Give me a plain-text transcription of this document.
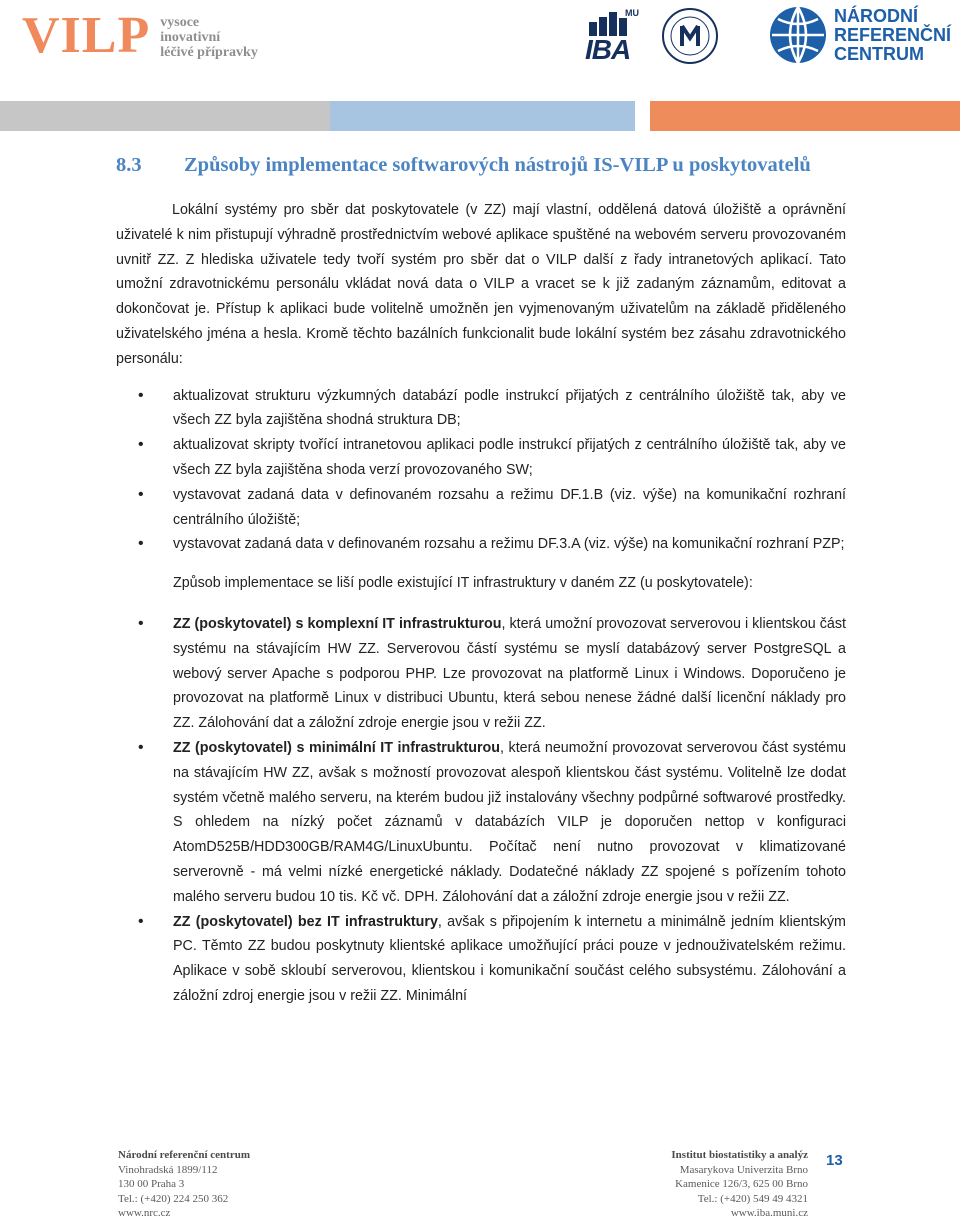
VILP vysoce
inovativní
léčivé přípravky
MU
IBA
NÁRODNÍ
REFERENČNÍ
CENTRUM
8.3 Způsoby implementace softwarových nástrojů IS-VILP u poskytovatelů

Lokální systémy pro sběr dat poskytovatele (v ZZ) mají vlastní, oddělená datová úložiště a oprávnění uživatelé k nim přistupují výhradně prostřednictvím webové aplikace spuštěné na webovém serveru provozovaném uvnitř ZZ. Z hlediska uživatele tedy tvoří systém pro sběr dat o VILP další z řady intranetových aplikací. Tato umožní zdravotnickému personálu vkládat nová data o VILP a vracet se k již zadaným záznamům, editovat a dokončovat je. Přístup k aplikaci bude volitelně umožněn jen vyjmenovaným uživatelům na základě přiděleného uživatelského jména a hesla. Kromě těchto bazálních funkcionalit bude lokální systém bez zásahu zdravotnického personálu:

• aktualizovat strukturu výzkumných databází podle instrukcí přijatých z centrálního úložiště tak, aby ve všech ZZ byla zajištěna shodná struktura DB;
• aktualizovat skripty tvořící intranetovou aplikaci podle instrukcí přijatých z centrálního úložiště tak, aby ve všech ZZ byla zajištěna shoda verzí provozovaného SW;
• vystavovat zadaná data v definovaném rozsahu a režimu DF.1.B (viz. výše) na komunikační rozhraní centrálního úložiště;
• vystavovat zadaná data v definovaném rozsahu a režimu DF.3.A (viz. výše) na komunikační rozhraní PZP;

Způsob implementace se liší podle existující IT infrastruktury v daném ZZ (u poskytovatele):

• ZZ (poskytovatel) s komplexní IT infrastrukturou, která umožní provozovat serverovou i klientskou část systému na stávajícím HW ZZ. Serverovou částí systému se myslí databázový server PostgreSQL a webový server Apache s podporou PHP. Lze provozovat na platformě Linux i Windows. Doporučeno je provozovat na platformě Linux v distribuci Ubuntu, která sebou nenese žádné další licenční náklady pro ZZ. Zálohování dat a záložní zdroje energie jsou v režii ZZ.
• ZZ (poskytovatel) s minimální IT infrastrukturou, která neumožní provozovat serverovou část systému na stávajícím HW ZZ, avšak s možností provozovat alespoň klientskou část systému. Volitelně lze dodat systém včetně malého serveru, na kterém budou již instalovány všechny podpůrné softwarové prostředky. S ohledem na nízký počet záznamů v databázích VILP je doporučen nettop v konfiguraci AtomD525B/HDD300GB/RAM4G/LinuxUbuntu. Počítač není nutno provozovat v klimatizované serverovně - má velmi nízké energetické náklady. Dodatečné náklady ZZ spojené s pořízením tohoto malého serveru budou 10 tis. Kč vč. DPH. Zálohování dat a záložní zdroje energie jsou v režii ZZ.
• ZZ (poskytovatel) bez IT infrastruktury, avšak s připojením k internetu a minimálně jedním klientským PC. Těmto ZZ budou poskytnuty klientské aplikace umožňující práci pouze v jednouživatelském režimu. Aplikace v sobě skloubí serverovou, klientskou i komunikační součást celého subsystému. Zálohování a záložní zdroj energie jsou v režii ZZ. Minimální
Národní referenční centrum
Vinohradská 1899/112
130 00 Praha 3
Tel.: (+420) 224 250 362
www.nrc.cz
Institut biostatistiky a analýz
Masarykova Univerzita Brno
Kamenice 126/3, 625 00 Brno
Tel.: (+420) 549 49 4321
www.iba.muni.cz
13
